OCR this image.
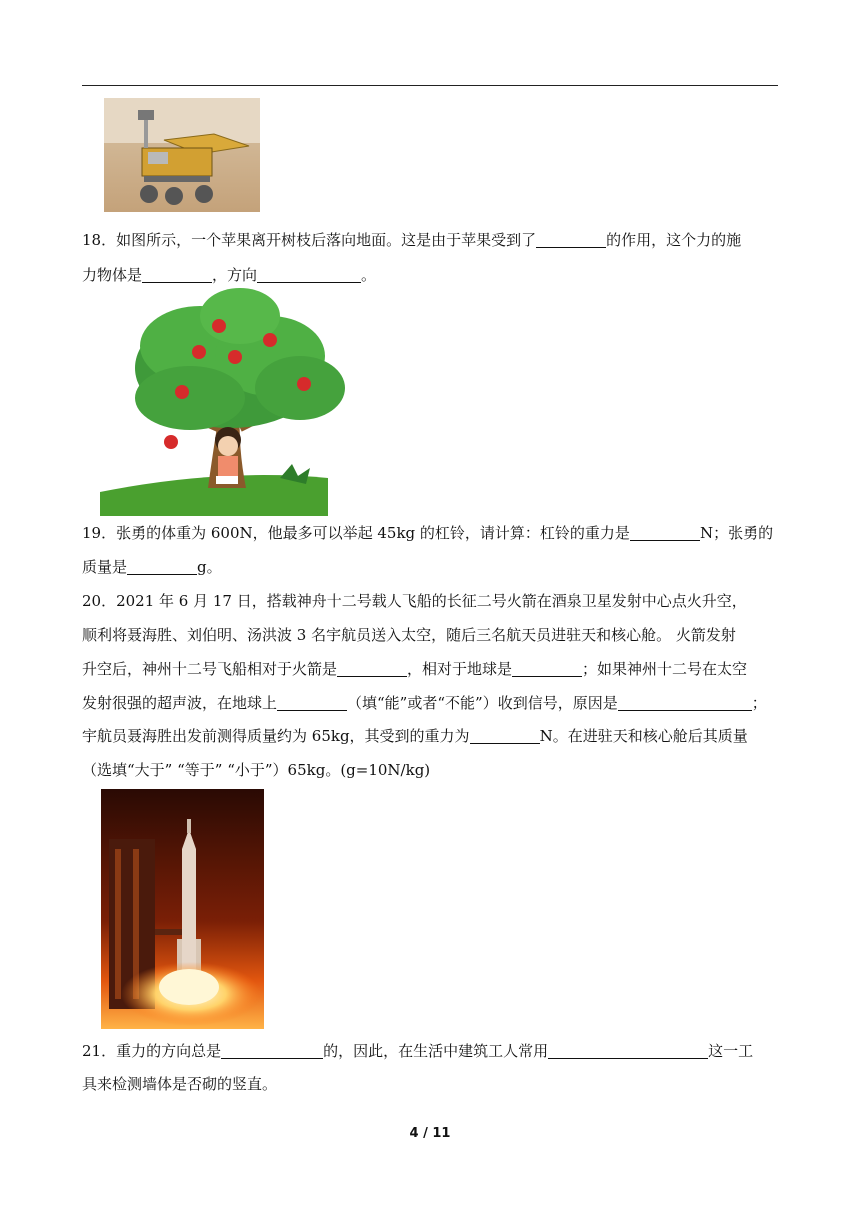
18．如图所示，一个苹果离开树枝后落向地面。这是由于苹果受到了	的作用，这个力的施
力物体是	，方向	。
19．张勇的体重为 600N，他最多可以举起 45kg 的杠铃，请计算：杠铃的重力是	N；张勇的
质量是	g。
20．2021 年 6 月 17 日，搭载神舟十二号载人飞船的长征二号火箭在酒泉卫星发射中心点火升空，
顺利将聂海胜、刘伯明、汤洪波 3 名宇航员送入太空，随后三名航天员进驻天和核心舱。 火箭发射
升空后，神州十二号飞船相对于火箭是	，相对于地球是	；如果神州十二号在太空
发射很强的超声波，在地球上	（填“能”或者“不能”）收到信号，原因是	；
宇航员聂海胜出发前测得质量约为 65kg，其受到的重力为	N。在进驻天和核心舱后其质量
（选填“大于” “等于” “小于”）65kg。(g=10N/kg)
21．重力的方向总是	的，因此，在生活中建筑工人常用	这一工
具来检测墙体是否砌的竖直。
4 / 11
